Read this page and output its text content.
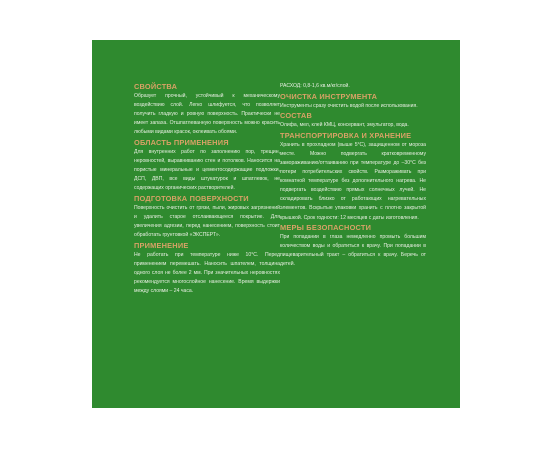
СВОЙСТВА
Образует прочный, устойчивый к механическому воздействию слой. Легко шлифуется, что позволяет получить гладкую и ровную поверхность. Практически не имеет запаха. Отшпатлеванную поверхность можно красить любыми видами красок, оклеивать обоями.
ОБЛАСТЬ ПРИМЕНЕНИЯ
Для внутренних работ по заполнению пор, трещин, неровностей, выравниванию стен и потолков. Наносится на пористые минеральные и цементосодержащие подложки, ДСП, ДВП, все виды штукатурок и шпатлевок, не содержащих органических растворителей.
ПОДГОТОВКА ПОВЕРХНОСТИ
Поверхность очистить от грязи, пыли, жировых загрязнений и удалить старое отслаивающееся покрытие. Для увеличения адгезии, перед нанесением, поверхность стоит обработать грунтовкой «ЭКСПЕРТ».
ПРИМЕНЕНИЕ
Не работать при температуре ниже 10°С. Перед применением перемешать. Наносить шпателем, толщина одного слоя не более 2 мм. При значительных неровностях рекомендуется многослойное нанесение. Время выдержки между слоями – 24 часа.
РАСХОД: 0,8-1,6 кв.м/кг/слой.
ОЧИСТКА ИНСТРУМЕНТА
Инструменты сразу очистить водой после использования.
СОСТАВ
Олифа, мел, клей КМЦ, консервант, эмульгатор, вода.
ТРАНСПОРТИРОВКА И ХРАНЕНИЕ
Хранить в прохладном (выше 5°С), защищенном от мороза месте. Можно подвергать кратковременному замораживанию/оттаиванию при температуре до –30°С без потери потребительских свойств. Размораживать при комнатной температуре без дополнительного нагрева. Не подвергать воздействию прямых солнечных лучей. Не складировать близко от работающих нагревательных элементов. Вскрытые упаковки хранить с плотно закрытой крышкой. Срок годности: 12 месяцев с даты изготовления.
МЕРЫ БЕЗОПАСНОСТИ
При попадании в глаза немедленно промыть большим количеством воды и обратиться к врачу. При попадании в пищеварительный тракт – обратиться к врачу. Беречь от детей.
